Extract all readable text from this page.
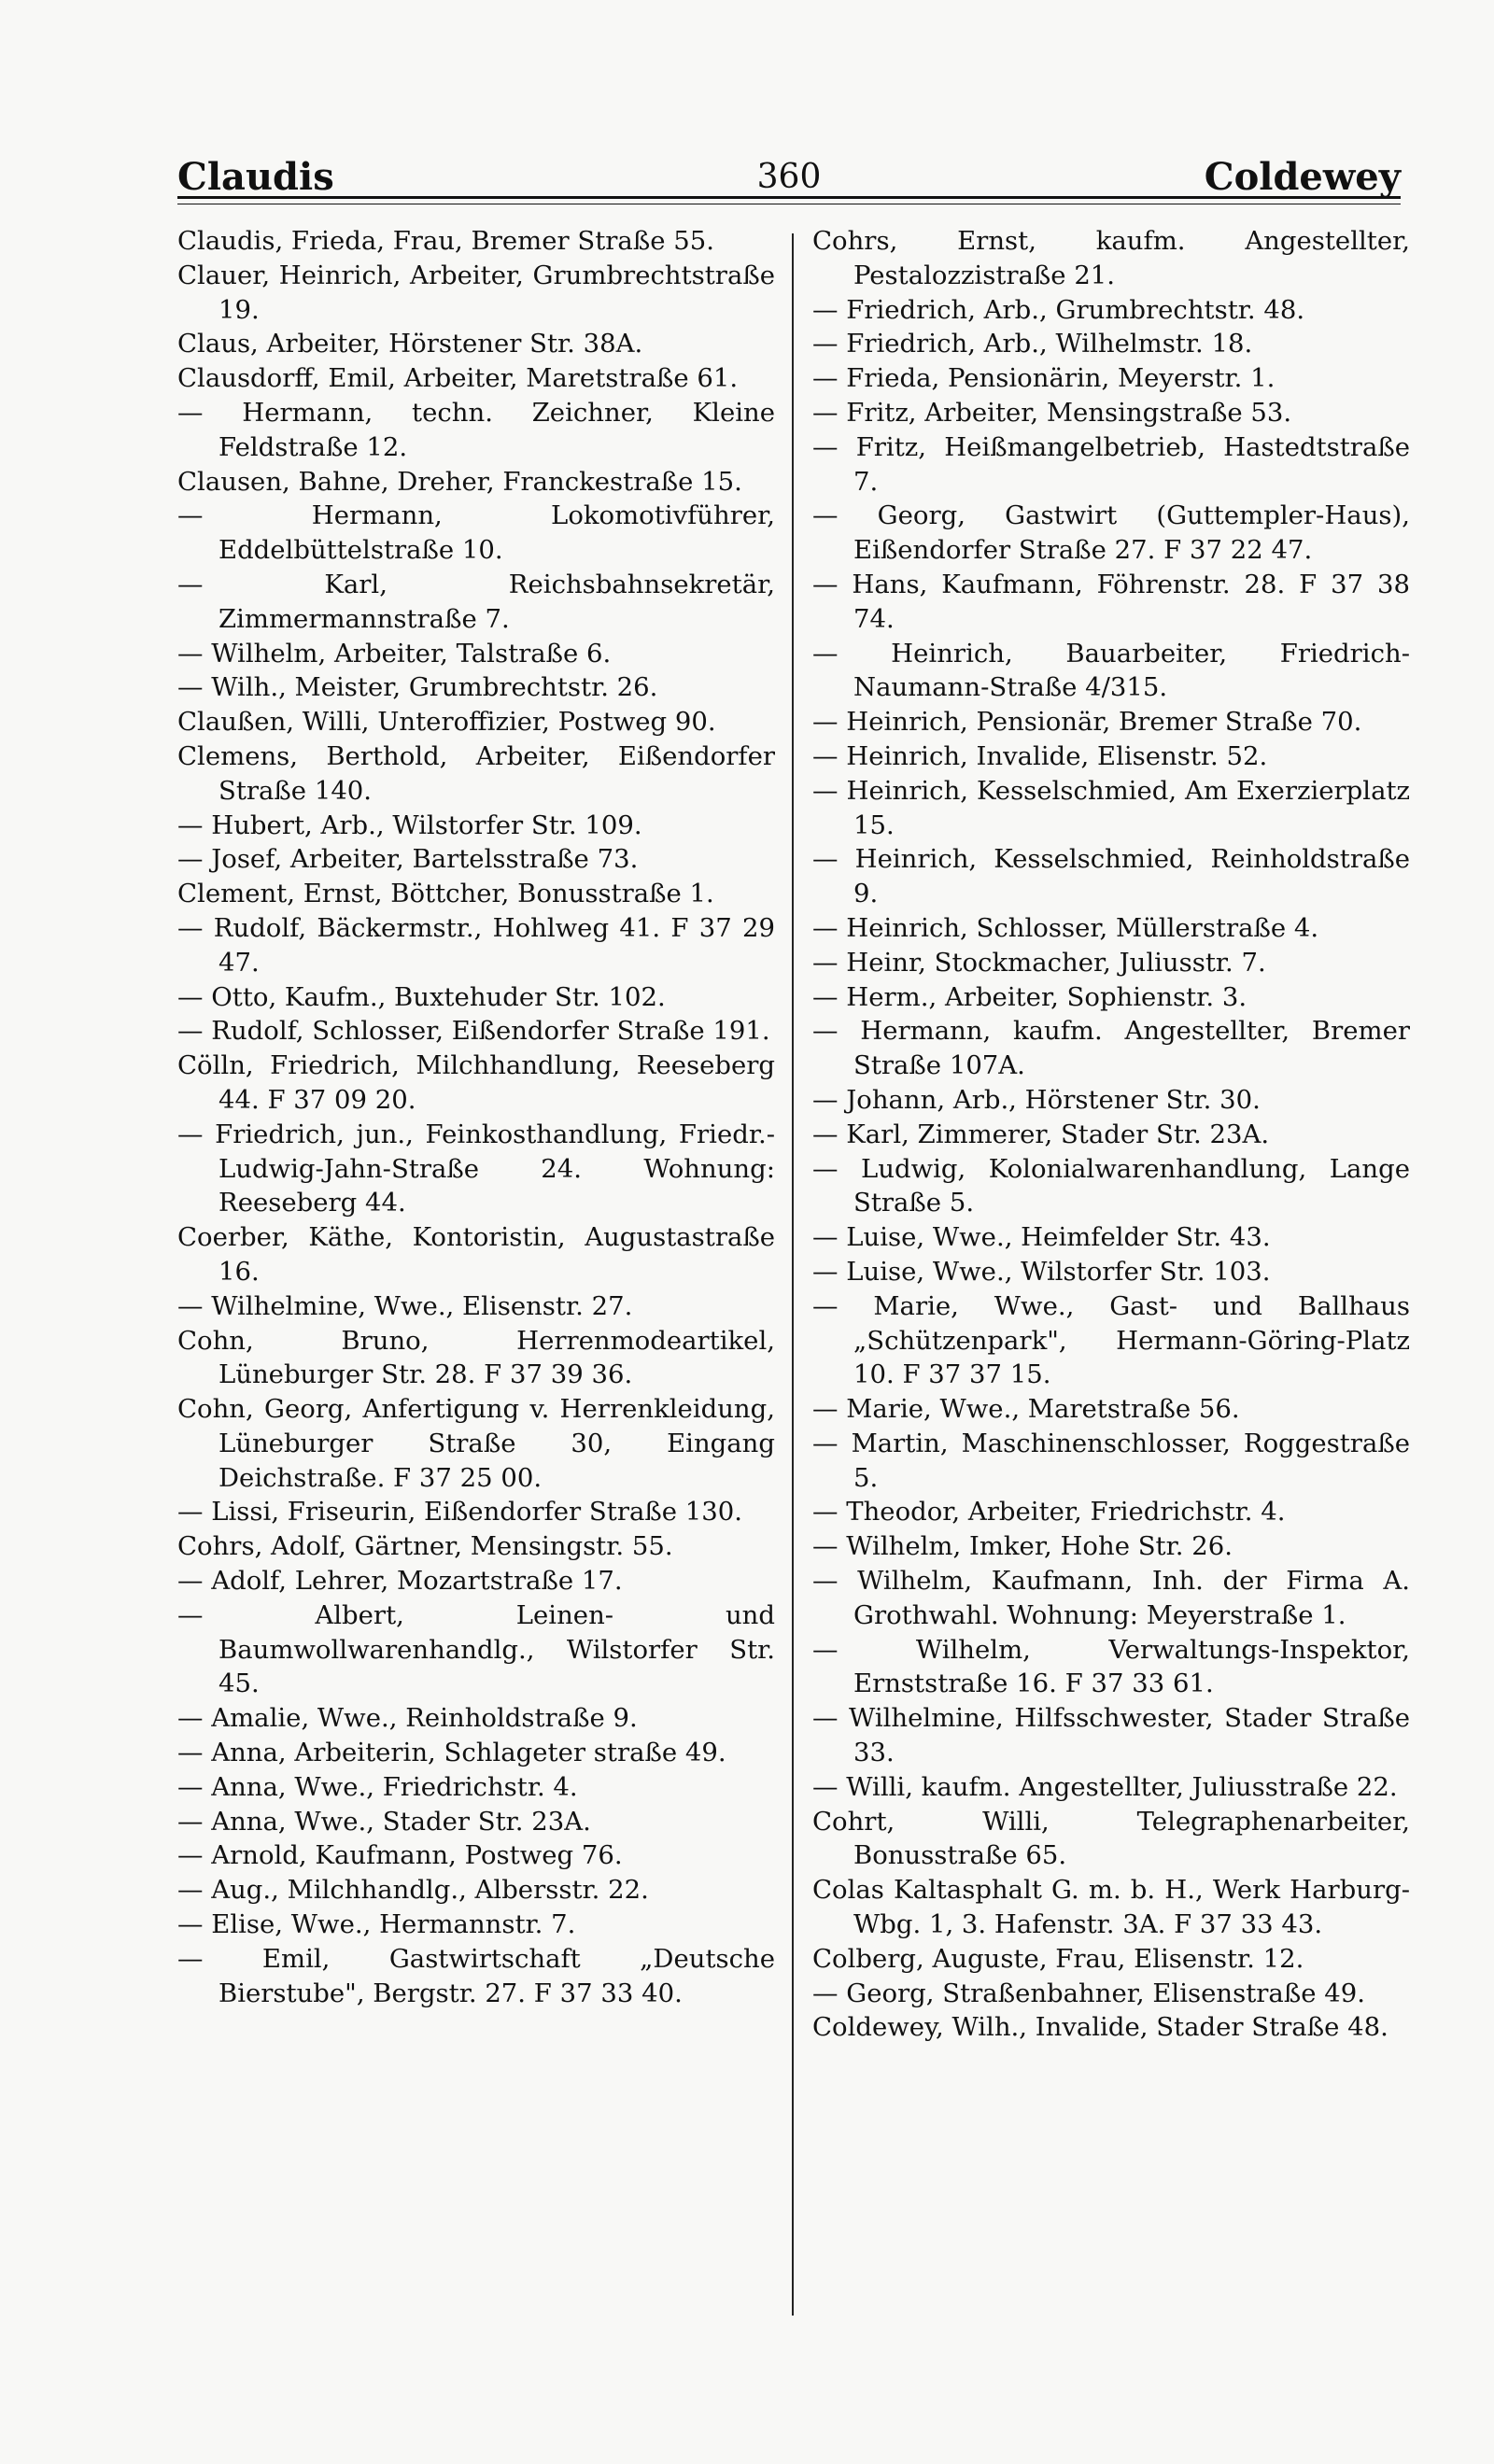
Claudis	360	Coldewey

Claudis, Frieda, Frau, Bremer Straße 55.

Clauer, Heinrich, Arbeiter, Grumbrechtstraße 19.

Claus, Arbeiter, Hörstener Str. 38A.

Clausdorff, Emil, Arbeiter, Maretstraße 61.

— Hermann, techn. Zeichner, Kleine Feldstraße 12.

Clausen, Bahne, Dreher, Franckestraße 15.

— Hermann, Lokomotivführer, Eddelbüttelstraße 10.

— Karl, Reichsbahnsekretär, Zimmermannstraße 7.

— Wilhelm, Arbeiter, Talstraße 6.

— Wilh., Meister, Grumbrechtstr. 26.

Claußen, Willi, Unteroffizier, Postweg 90.

Clemens, Berthold, Arbeiter, Eißendorfer Straße 140.

— Hubert, Arb., Wilstorfer Str. 109.

— Josef, Arbeiter, Bartelsstraße 73.

Clement, Ernst, Böttcher, Bonusstraße 1.

— Rudolf, Bäckermstr., Hohlweg 41. F 37 29 47.

— Otto, Kaufm., Buxtehuder Str. 102.

— Rudolf, Schlosser, Eißendorfer Straße 191.

Cölln, Friedrich, Milchhandlung, Reeseberg 44. F 37 09 20.

— Friedrich, jun., Feinkosthandlung, Friedr.-Ludwig-Jahn-Straße 24. Wohnung: Reeseberg 44.

Coerber, Käthe, Kontoristin, Augustastraße 16.

— Wilhelmine, Wwe., Elisenstr. 27.

Cohn, Bruno, Herrenmodeartikel, Lüneburger Str. 28. F 37 39 36.

Cohn, Georg, Anfertigung v. Herrenkleidung, Lüneburger Straße 30, Eingang Deichstraße. F 37 25 00.

— Lissi, Friseurin, Eißendorfer Straße 130.

Cohrs, Adolf, Gärtner, Mensingstr. 55.

— Adolf, Lehrer, Mozartstraße 17.

— Albert, Leinen- und Baumwollwarenhandlg., Wilstorfer Str. 45.

— Amalie, Wwe., Reinholdstraße 9.

— Anna, Arbeiterin, Schlageter straße 49.

— Anna, Wwe., Friedrichstr. 4.

— Anna, Wwe., Stader Str. 23A.

— Arnold, Kaufmann, Postweg 76.

— Aug., Milchhandlg., Albersstr. 22.

— Elise, Wwe., Hermannstr. 7.

— Emil, Gastwirtschaft „Deutsche Bierstube", Bergstr. 27. F 37 33 40.

Cohrs, Ernst, kaufm. Angestellter, Pestalozzistraße 21.

— Friedrich, Arb., Grumbrechtstr. 48.

— Friedrich, Arb., Wilhelmstr. 18.

— Frieda, Pensionärin, Meyerstr. 1.

— Fritz, Arbeiter, Mensingstraße 53.

— Fritz, Heißmangelbetrieb, Hastedtstraße 7.

— Georg, Gastwirt (Guttempler-Haus), Eißendorfer Straße 27. F 37 22 47.

— Hans, Kaufmann, Föhrenstr. 28. F 37 38 74.

— Heinrich, Bauarbeiter, Friedrich-Naumann-Straße 4/315.

— Heinrich, Pensionär, Bremer Straße 70.

— Heinrich, Invalide, Elisenstr. 52.

— Heinrich, Kesselschmied, Am Exerzierplatz 15.

— Heinrich, Kesselschmied, Reinholdstraße 9.

— Heinrich, Schlosser, Müllerstraße 4.

— Heinr, Stockmacher, Juliusstr. 7.

— Herm., Arbeiter, Sophienstr. 3.

— Hermann, kaufm. Angestellter, Bremer Straße 107A.

— Johann, Arb., Hörstener Str. 30.

— Karl, Zimmerer, Stader Str. 23A.

— Ludwig, Kolonialwarenhandlung, Lange Straße 5.

— Luise, Wwe., Heimfelder Str. 43.

— Luise, Wwe., Wilstorfer Str. 103.

— Marie, Wwe., Gast- und Ballhaus „Schützenpark", Hermann-Göring-Platz 10. F 37 37 15.

— Marie, Wwe., Maretstraße 56.

— Martin, Maschinenschlosser, Roggestraße 5.

— Theodor, Arbeiter, Friedrichstr. 4.

— Wilhelm, Imker, Hohe Str. 26.

— Wilhelm, Kaufmann, Inh. der Firma A. Grothwahl. Wohnung: Meyerstraße 1.

— Wilhelm, Verwaltungs-Inspektor, Ernststraße 16. F 37 33 61.

— Wilhelmine, Hilfsschwester, Stader Straße 33.

— Willi, kaufm. Angestellter, Juliusstraße 22.

Cohrt, Willi, Telegraphenarbeiter, Bonusstraße 65.

Colas Kaltasphalt G. m. b. H., Werk Harburg-Wbg. 1, 3. Hafenstr. 3A. F 37 33 43.

Colberg, Auguste, Frau, Elisenstr. 12.

— Georg, Straßenbahner, Elisenstraße 49.

Coldewey, Wilh., Invalide, Stader Straße 48.
